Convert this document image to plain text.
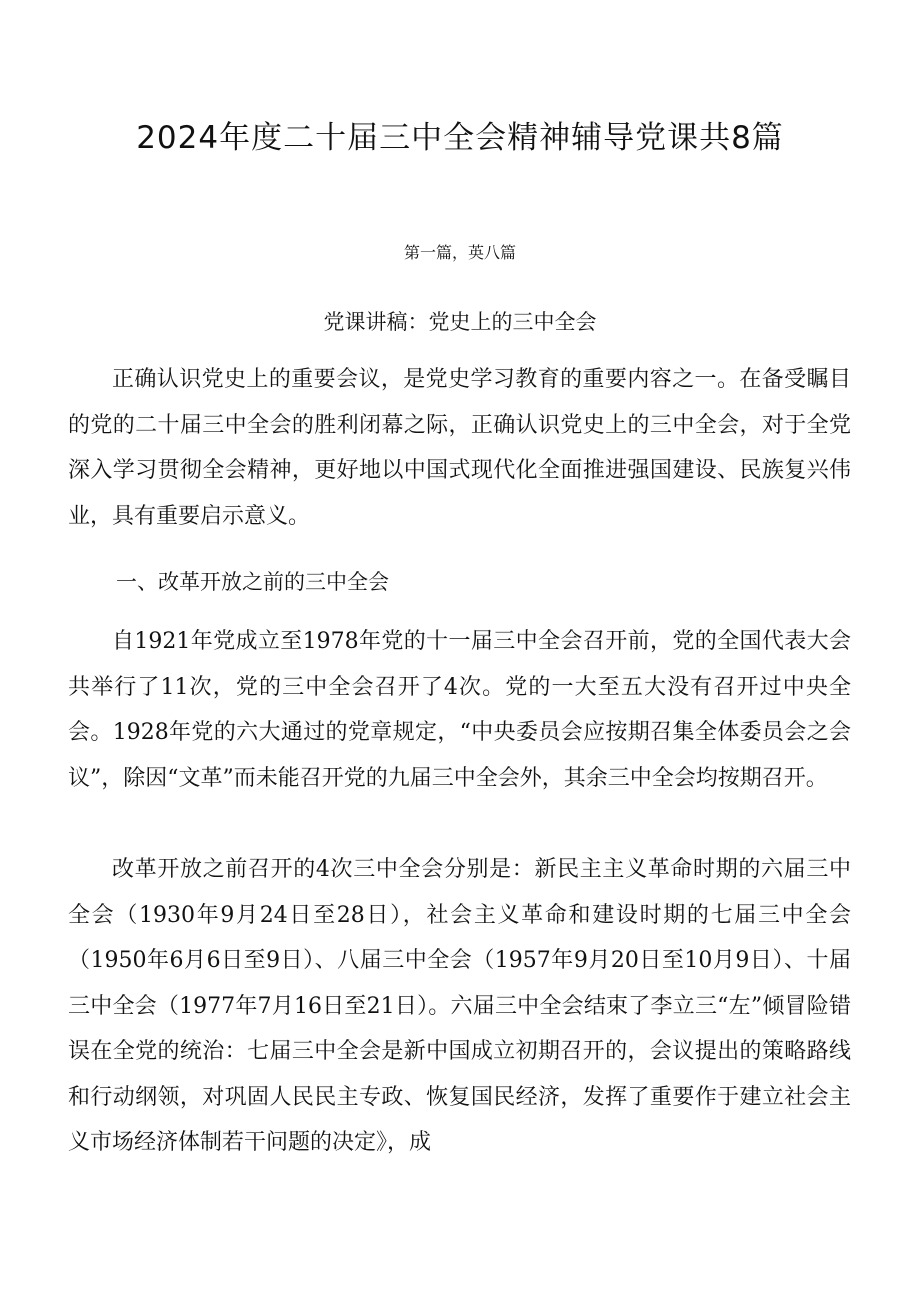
2024年度二十届三中全会精神辅导党课共8篇
第一篇，英八篇
党课讲稿：党史上的三中全会

正确认识党史上的重要会议，是党史学习教育的重要内容之一。在备受瞩目的党的二十届三中全会的胜利闭幕之际，正确认识党史上的三中全会，对于全党深入学习贯彻全会精神，更好地以中国式现代化全面推进强国建设、民族复兴伟业，具有重要启示意义。

一、改革开放之前的三中全会

自1921年党成立至1978年党的十一届三中全会召开前，党的全国代表大会共举行了11次，党的三中全会召开了4次。党的一大至五大没有召开过中央全会。1928年党的六大通过的党章规定，“中央委员会应按期召集全体委员会之会议”，除因“文革”而未能召开党的九届三中全会外，其余三中全会均按期召开。

改革开放之前召开的4次三中全会分别是：新民主主义革命时期的六届三中全会（1930年9月24日至28日），社会主义革命和建设时期的七届三中全会（1950年6月6日至9日）、八届三中全会（1957年9月20日至10月9日）、十届三中全会（1977年7月16日至21日）。六届三中全会结束了李立三“左”倾冒险错误在全党的统治：七届三中全会是新中国成立初期召开的，会议提出的策略路线和行动纲领，对巩固人民民主专政、恢复国民经济，发挥了重要作于建立社会主义市场经济体制若干问题的决定》，成
